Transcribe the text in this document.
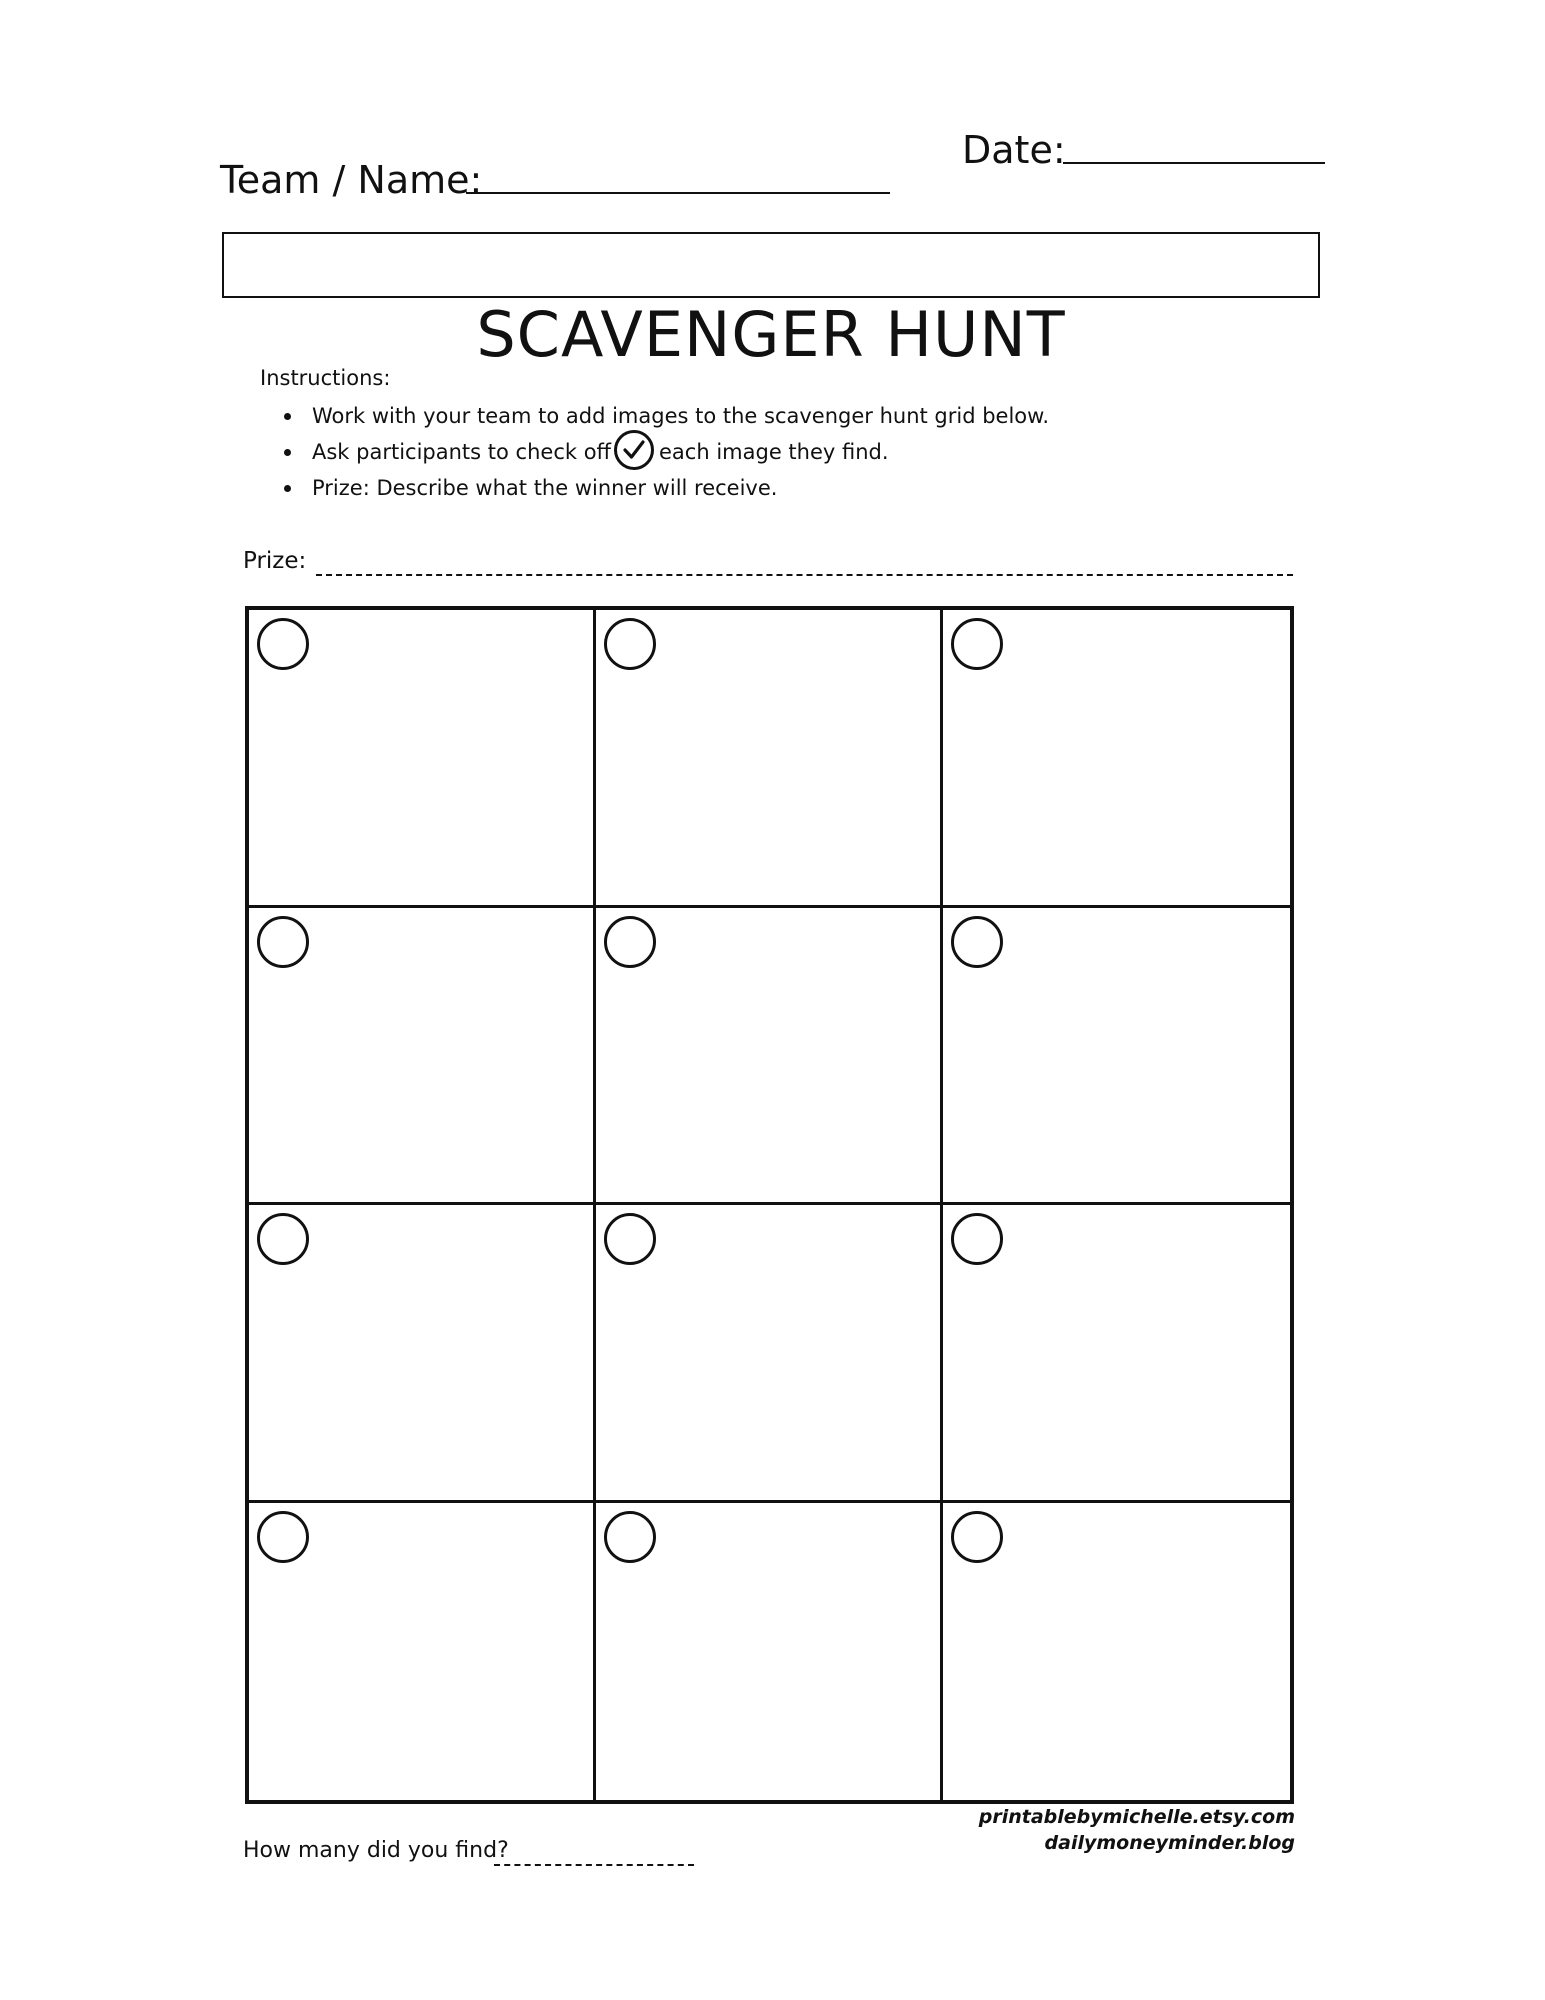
Date:
Team / Name:
SCAVENGER HUNT
Instructions:
Work with your team to add images to the scavenger hunt grid below.
Ask participants to check off each image they find.
Prize: Describe what the winner will receive.
Prize:
printablebymichelle.etsy.com
dailymoneyminder.blog
How many did you find?
